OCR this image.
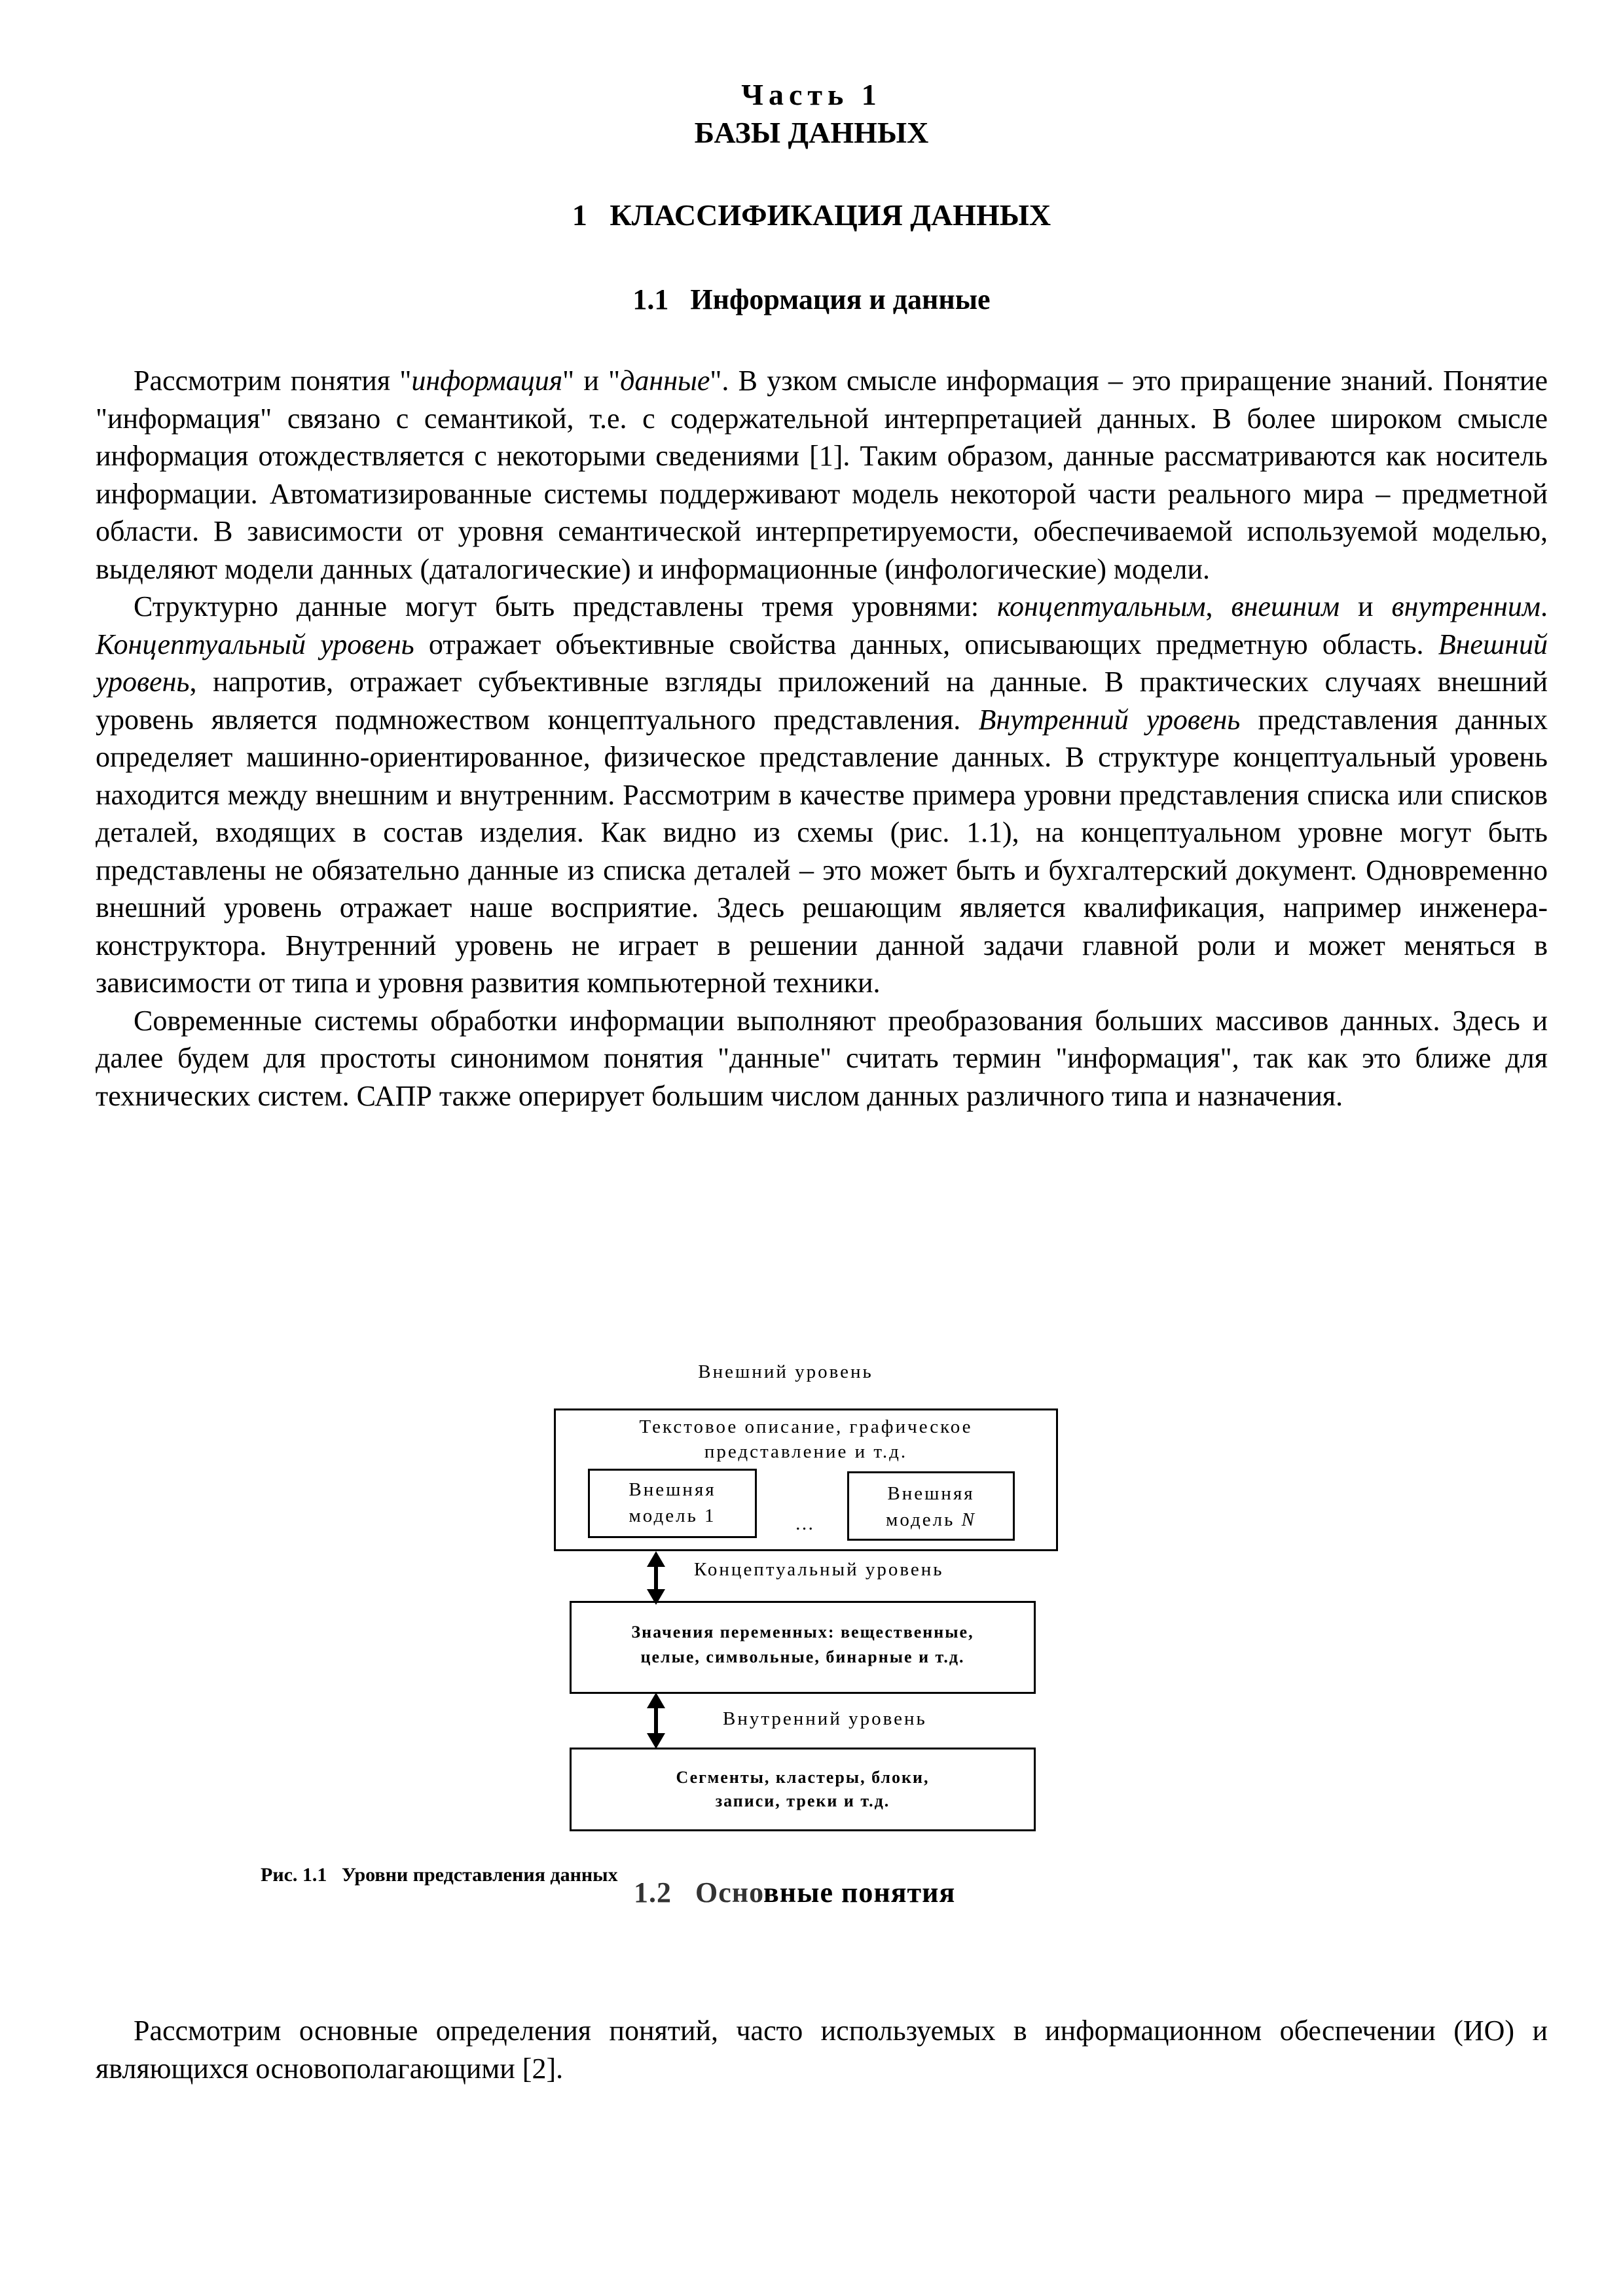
Часть 1
БАЗЫ ДАННЫХ
1   КЛАССИФИКАЦИЯ ДАННЫХ
1.1   Информация и данные

Рассмотрим понятия "информация" и "данные". В узком смысле информация – это приращение знаний. Понятие "информация" связано с семантикой, т.е. с содержательной интерпретацией данных. В более широком смысле информация отождествляется с некоторыми сведениями [1]. Таким образом, данные рассматриваются как носитель информации. Автоматизированные системы поддерживают модель некоторой части реального мира – предметной области. В зависимости от уровня семантической интерпретируемости, обеспечиваемой используемой моделью, выделяют модели данных (даталогические) и информационные (инфологические) модели.

Структурно данные могут быть представлены тремя уровнями: концептуальным, внешним и внутренним. Концептуальный уровень отражает объективные свойства данных, описывающих предметную область. Внешний уровень, напротив, отражает субъективные взгляды приложений на данные. В практических случаях внешний уровень является подмножеством концептуального представления. Внутренний уровень представления данных определяет машинно-ориентированное, физическое представление данных. В структуре концептуальный уровень находится между внешним и внутренним. Рассмотрим в качестве примера уровни представления списка или списков деталей, входящих в состав изделия. Как видно из схемы (рис. 1.1), на концептуальном уровне могут быть представлены не обязательно данные из списка деталей – это может быть и бухгалтерский документ. Одновременно внешний уровень отражает наше восприятие. Здесь решающим является квалификация, например инженера-конструктора. Внутренний уровень не играет в решении данной задачи главной роли и может меняться в зависимости от типа и уровня развития компьютерной техники.

Современные системы обработки информации выполняют преобразования больших массивов данных. Здесь и далее будем для простоты синонимом понятия "данные" считать термин "информация", так как это ближе для технических систем. САПР также оперирует большим числом данных различного типа и назначения.

Внешний уровень
Текстовое описание, графическое
представление и т.д.
Внешняя
модель 1	…
Внешняя
модель N
Концептуальный уровень
Значения переменных: вещественные,
целые, символьные, бинарные и т.д.
Внутренний уровень
Сегменты, кластеры, блоки,
записи, треки и т.д.
1.2   Основные понятия
Рис. 1.1   Уровни представления данных

Рассмотрим основные определения понятий, часто используемых в информационном обеспечении (ИО) и являющихся основополагающими [2].
